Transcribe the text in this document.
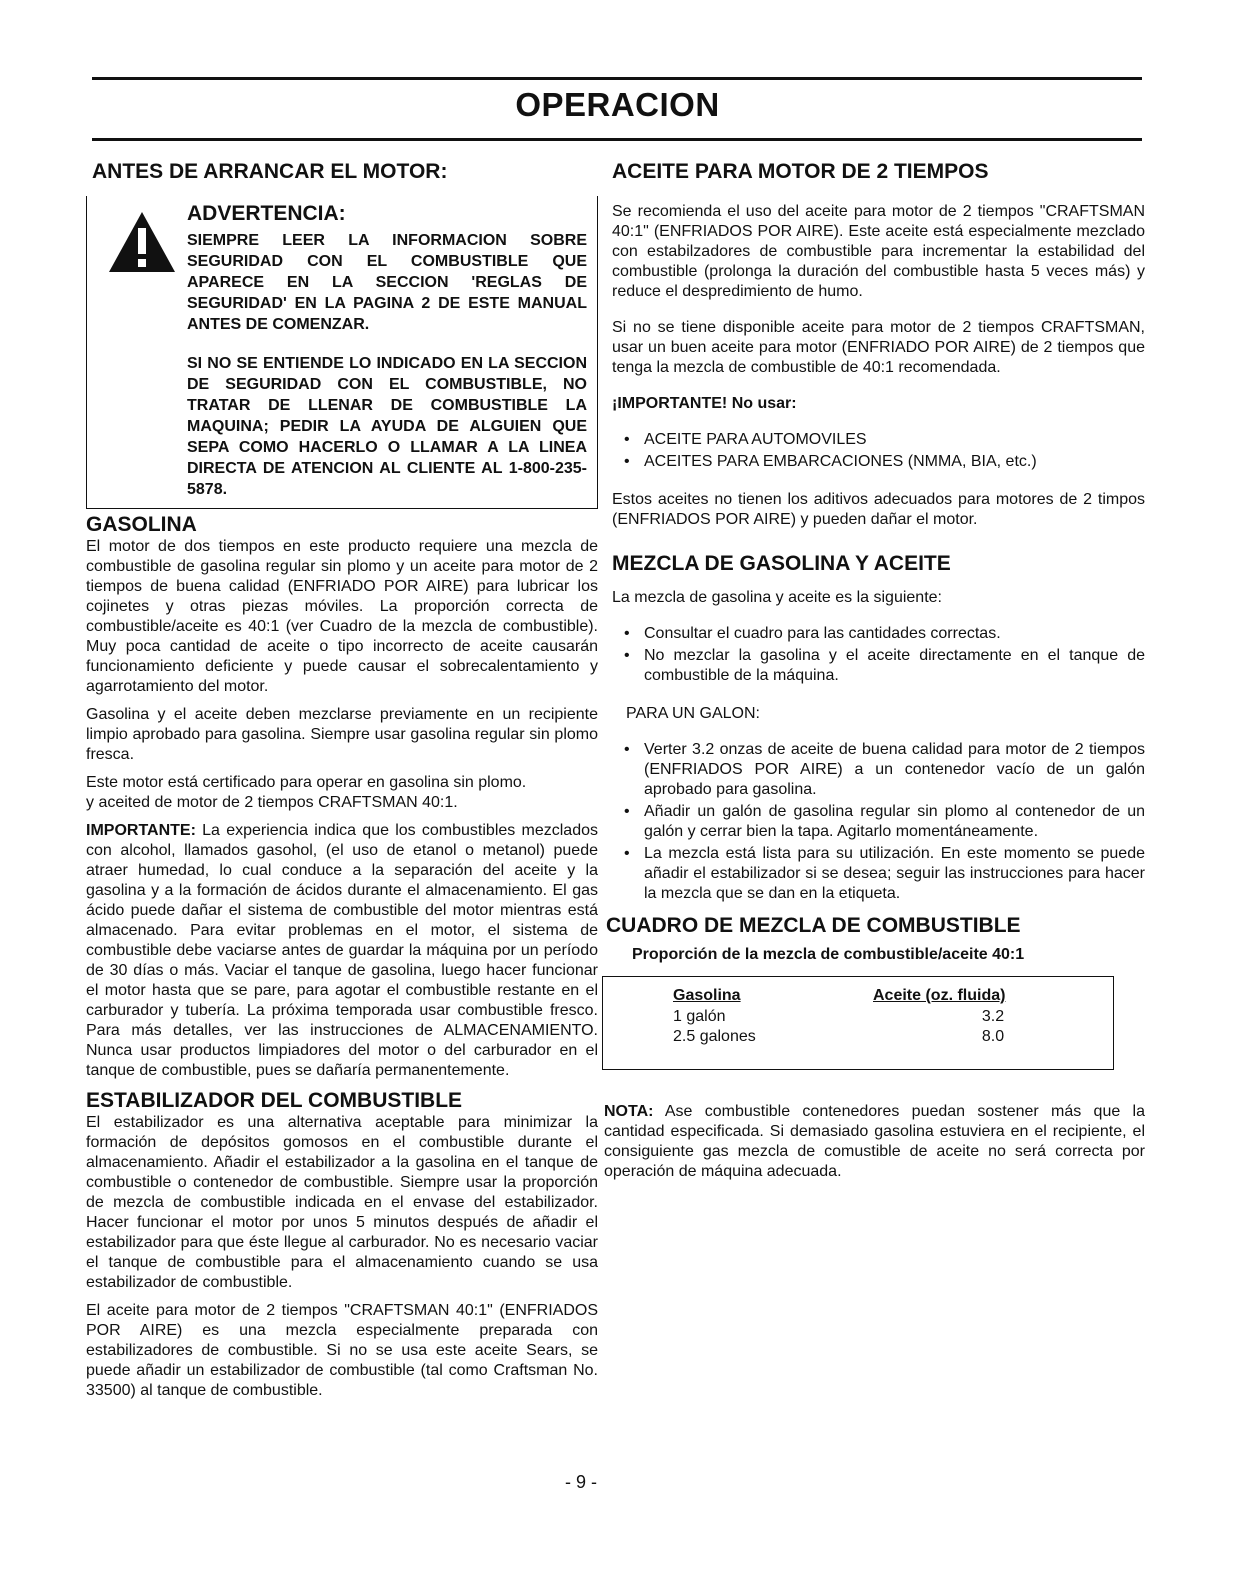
OPERACION
ANTES DE ARRANCAR EL MOTOR:
ADVERTENCIA:
SIEMPRE LEER LA INFORMACION SOBRE SEGURIDAD CON EL COMBUSTIBLE QUE APARECE EN LA SECCION 'REGLAS DE SEGURIDAD' EN LA PAGINA 2 DE ESTE MANUAL ANTES DE COMENZAR.
SI NO SE ENTIENDE LO INDICADO EN LA SECCION DE SEGURIDAD CON EL COMBUSTIBLE, NO TRATAR DE LLENAR DE COMBUSTIBLE LA MAQUINA; PEDIR LA AYUDA DE ALGUIEN QUE SEPA COMO HACERLO O LLAMAR A LA LINEA DIRECTA DE ATENCION AL CLIENTE AL 1-800-235-5878.
GASOLINA

El motor de dos tiempos en este producto requiere una mezcla de combustible de gasolina regular sin plomo y un aceite para motor de 2 tiempos de buena calidad (ENFRIADO POR AIRE) para lubricar los cojinetes y otras piezas móviles. La proporción correcta de combustible/aceite es 40:1 (ver Cuadro de la mezcla de combustible). Muy poca cantidad de aceite o tipo incorrecto de aceite causarán funcionamiento deficiente y puede causar el sobrecalentamiento y agarrotamiento del motor.

Gasolina y el aceite deben mezclarse previamente en un recipiente limpio aprobado para gasolina. Siempre usar gasolina regular sin plomo fresca.

Este motor está certificado para operar en gasolina sin plomo.

y aceited de motor de 2 tiempos CRAFTSMAN 40:1.

IMPORTANTE: La experiencia indica que los combustibles mezclados con alcohol, llamados gasohol, (el uso de etanol o metanol) puede atraer humedad, lo cual conduce a la separación del aceite y la gasolina y a la formación de ácidos durante el almacenamiento. El gas ácido puede dañar el sistema de combustible del motor mientras está almacenado. Para evitar problemas en el motor, el sistema de combustible debe vaciarse antes de guardar la máquina por un período de 30 días o más. Vaciar el tanque de gasolina, luego hacer funcionar el motor hasta que se pare, para agotar el combustible restante en el carburador y tubería. La próxima temporada usar combustible fresco. Para más detalles, ver las instrucciones de ALMACENAMIENTO. Nunca usar productos limpiadores del motor o del carburador en el tanque de combustible, pues se dañaría permanentemente.

ESTABILIZADOR DEL COMBUSTIBLE

El estabilizador es una alternativa aceptable para minimizar la formación de depósitos gomosos en el combustible durante el almacenamiento. Añadir el estabilizador a la gasolina en el tanque de combustible o contenedor de combustible. Siempre usar la proporción de mezcla de combustible indicada en el envase del estabilizador. Hacer funcionar el motor por unos 5 minutos después de añadir el estabilizador para que éste llegue al carburador. No es necesario vaciar el tanque de combustible para el almacenamiento cuando se usa estabilizador de combustible.

El aceite para motor de 2 tiempos "CRAFTSMAN 40:1" (ENFRIADOS POR AIRE) es una mezcla especialmente preparada con estabilizadores de combustible. Si no se usa este aceite Sears, se puede añadir un estabilizador de combustible (tal como Craftsman No. 33500) al tanque de combustible.

ACEITE PARA MOTOR DE 2 TIEMPOS

Se recomienda el uso del aceite para motor de 2 tiempos "CRAFTSMAN 40:1" (ENFRIADOS POR AIRE). Este aceite está especialmente mezclado con estabilzadores de combustible para incrementar la estabilidad del combustible (prolonga la duración del combustible hasta 5 veces más) y reduce el despredimiento de humo.

Si no se tiene disponible aceite para motor de 2 tiempos CRAFTSMAN, usar un buen aceite para motor (ENFRIADO POR AIRE) de 2 tiempos que tenga la mezcla de combustible de 40:1 recomendada.

¡IMPORTANTE! No usar:

• ACEITE PARA AUTOMOVILES
• ACEITES PARA EMBARCACIONES (NMMA, BIA, etc.)

Estos aceites no tienen los aditivos adecuados para motores de 2 timpos (ENFRIADOS POR AIRE) y pueden dañar el motor.

MEZCLA DE GASOLINA Y ACEITE

La mezcla de gasolina y aceite es la siguiente:

• Consultar el cuadro para las cantidades correctas.
• No mezclar la gasolina y el aceite directamente en el tanque de combustible de la máquina.

PARA UN GALON:

• Verter 3.2 onzas de aceite de buena calidad para motor de 2 tiempos (ENFRIADOS POR AIRE) a un contenedor vacío de un galón aprobado para gasolina.
• Añadir un galón de gasolina regular sin plomo al contenedor de un galón y cerrar bien la tapa. Agitarlo momentáneamente.
• La mezcla está lista para su utilización. En este momento se puede añadir el estabilizador si se desea; seguir las instrucciones para hacer la mezcla que se dan en la etiqueta.
CUADRO DE MEZCLA DE COMBUSTIBLE
Proporción de la mezcla de combustible/aceite 40:1
Gasolina	Aceite (oz. fluida)
1 galón	3.2
2.5 galones	8.0

NOTA: Ase combustible contenedores puedan sostener más que la cantidad especificada. Si demasiado gasolina estuviera en el recipiente, el consiguiente gas mezcla de comustible de aceite no será correcta por operación de máquina adecuada.

- 9 -
